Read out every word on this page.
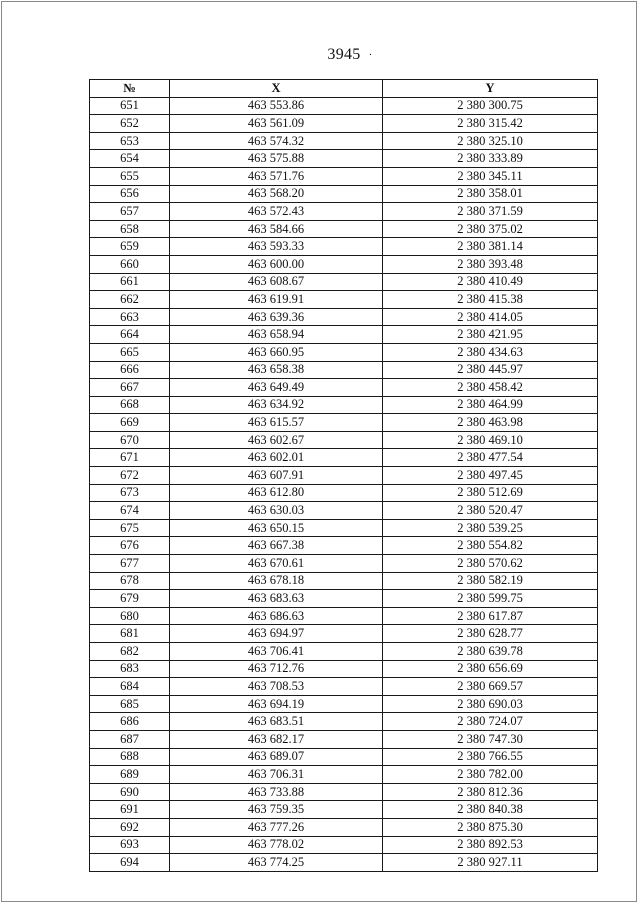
3945 ·
№	X	Y
651	463 553.86	2 380 300.75
652	463 561.09	2 380 315.42
653	463 574.32	2 380 325.10
654	463 575.88	2 380 333.89
655	463 571.76	2 380 345.11
656	463 568.20	2 380 358.01
657	463 572.43	2 380 371.59
658	463 584.66	2 380 375.02
659	463 593.33	2 380 381.14
660	463 600.00	2 380 393.48
661	463 608.67	2 380 410.49
662	463 619.91	2 380 415.38
663	463 639.36	2 380 414.05
664	463 658.94	2 380 421.95
665	463 660.95	2 380 434.63
666	463 658.38	2 380 445.97
667	463 649.49	2 380 458.42
668	463 634.92	2 380 464.99
669	463 615.57	2 380 463.98
670	463 602.67	2 380 469.10
671	463 602.01	2 380 477.54
672	463 607.91	2 380 497.45
673	463 612.80	2 380 512.69
674	463 630.03	2 380 520.47
675	463 650.15	2 380 539.25
676	463 667.38	2 380 554.82
677	463 670.61	2 380 570.62
678	463 678.18	2 380 582.19
679	463 683.63	2 380 599.75
680	463 686.63	2 380 617.87
681	463 694.97	2 380 628.77
682	463 706.41	2 380 639.78
683	463 712.76	2 380 656.69
684	463 708.53	2 380 669.57
685	463 694.19	2 380 690.03
686	463 683.51	2 380 724.07
687	463 682.17	2 380 747.30
688	463 689.07	2 380 766.55
689	463 706.31	2 380 782.00
690	463 733.88	2 380 812.36
691	463 759.35	2 380 840.38
692	463 777.26	2 380 875.30
693	463 778.02	2 380 892.53
694	463 774.25	2 380 927.11
